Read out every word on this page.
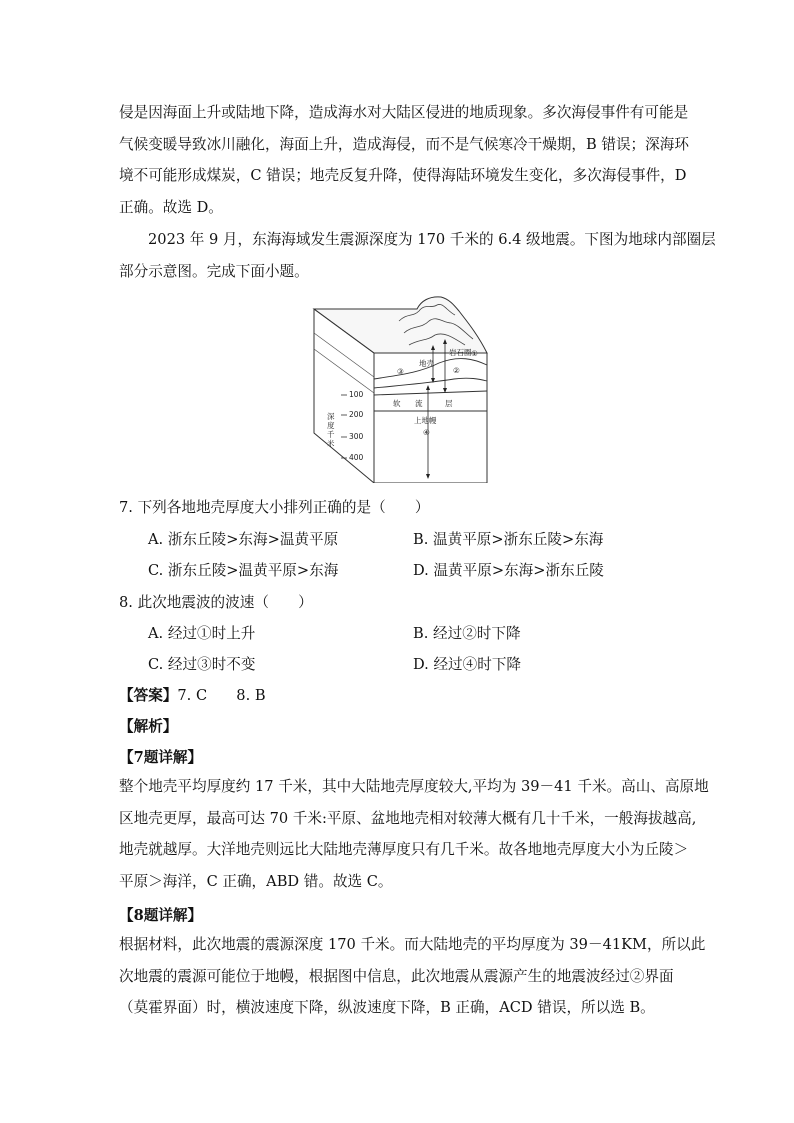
侵是因海面上升或陆地下降，造成海水对大陆区侵进的地质现象。多次海侵事件有可能是
气候变暖导致冰川融化，海面上升，造成海侵，而不是气候寒冷干燥期，B 错误；深海环
境不可能形成煤炭，C 错误；地壳反复升降，使得海陆环境发生变化，多次海侵事件，D
正确。故选 D。
2023 年 9 月，东海海域发生震源深度为 170 千米的 6.4 级地震。下图为地球内部圈层
部分示意图。完成下面小题。
地壳
岩石圈 ①
②
③
④
软 流	层
上地幔
深
度
千
米
100
200
300
400
7. 下列各地地壳厚度大小排列正确的是（　　）
A. 浙东丘陵>东海>温黄平原	B. 温黄平原>浙东丘陵>东海
C. 浙东丘陵>温黄平原>东海	D. 温黄平原>东海>浙东丘陵
8. 此次地震波的波速（　　）
A. 经过①时上升	B. 经过②时下降
C. 经过③时不变	D. 经过④时下降
【答案】7. C　　8. B
【解析】
【7题详解】
整个地壳平均厚度约 17 千米，其中大陆地壳厚度较大,平均为 39－41 千米。高山、高原地
区地壳更厚，最高可达 70 千米:平原、盆地地壳相对较薄大概有几十千米，一般海拔越高,
地壳就越厚。大洋地壳则远比大陆地壳薄厚度只有几千米。故各地地壳厚度大小为丘陵＞
平原＞海洋，C 正确，ABD 错。故选 C。
【8题详解】
根据材料，此次地震的震源深度 170 千米。而大陆地壳的平均厚度为 39－41KM，所以此
次地震的震源可能位于地幔，根据图中信息，此次地震从震源产生的地震波经过②界面
（莫霍界面）时，横波速度下降，纵波速度下降，B 正确，ACD 错误，所以选 B。
